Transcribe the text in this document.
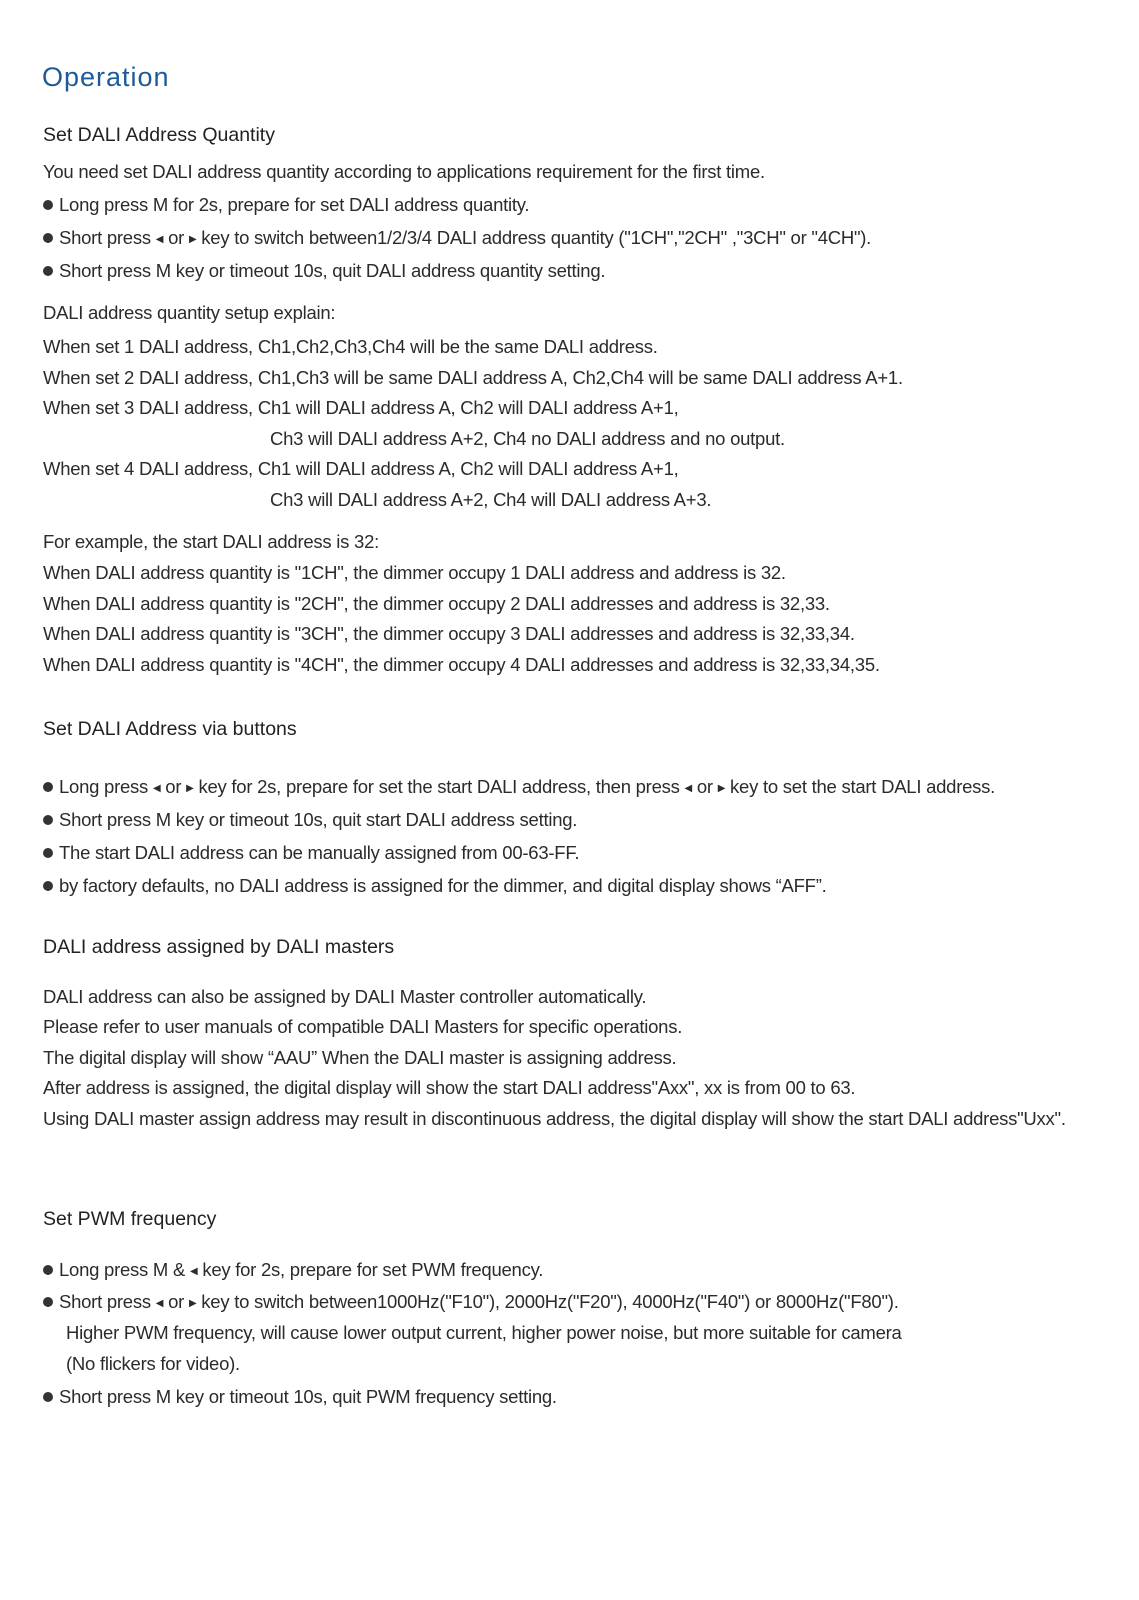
Operation
Set DALI Address Quantity
You need set DALI address quantity according to applications requirement for the first time.
Long press M for 2s, prepare for set DALI address quantity.
Short press ◀ or ▶ key to switch between1/2/3/4 DALI address quantity ("1CH","2CH" ,"3CH" or "4CH").
Short press M key or timeout 10s, quit DALI address quantity setting.
DALI address quantity setup explain:
When set 1 DALI address, Ch1,Ch2,Ch3,Ch4 will be the same DALI address.
When set 2 DALI address, Ch1,Ch3 will be same DALI address A, Ch2,Ch4 will be same DALI address A+1.
When set 3 DALI address, Ch1 will DALI address A, Ch2 will DALI address A+1,
Ch3 will DALI address A+2, Ch4 no DALI address and no output.
When set 4 DALI address, Ch1 will DALI address A, Ch2 will DALI address A+1,
Ch3 will DALI address A+2, Ch4 will DALI address A+3.
For example, the start DALI address is 32:
When DALI address quantity is "1CH", the dimmer occupy 1 DALI address and address is 32.
When DALI address quantity is "2CH", the dimmer occupy 2 DALI addresses and address is 32,33.
When DALI address quantity is "3CH", the dimmer occupy 3 DALI addresses and address is 32,33,34.
When DALI address quantity is "4CH", the dimmer occupy 4 DALI addresses and address is 32,33,34,35.
Set DALI Address via buttons
Long press ◀ or ▶ key for 2s, prepare for set the start DALI address, then press ◀ or ▶ key to set the start DALI address.
Short press M key or timeout 10s, quit start DALI address setting.
The start DALI address can be manually assigned from 00-63-FF.
by factory defaults, no DALI address is assigned for the dimmer, and digital display shows “AFF”.
DALI address assigned by DALI masters
DALI address can also be assigned by DALI Master controller automatically.
Please refer to user manuals of compatible DALI Masters for specific operations.
The digital display will show “AAU” When the DALI master is assigning address.
After address is assigned, the digital display will show the start DALI address"Axx", xx is from 00 to 63.
Using DALI master assign address may result in discontinuous address, the digital display will show the start DALI address"Uxx".
Set PWM frequency
Long press M & ◀ key for 2s, prepare for set PWM frequency.
Short press ◀ or ▶ key to switch between1000Hz("F10"), 2000Hz("F20"), 4000Hz("F40") or 8000Hz("F80").
Higher PWM frequency, will cause lower output current, higher power noise, but more suitable for camera
(No flickers for video).
Short press M key or timeout 10s, quit PWM frequency setting.
